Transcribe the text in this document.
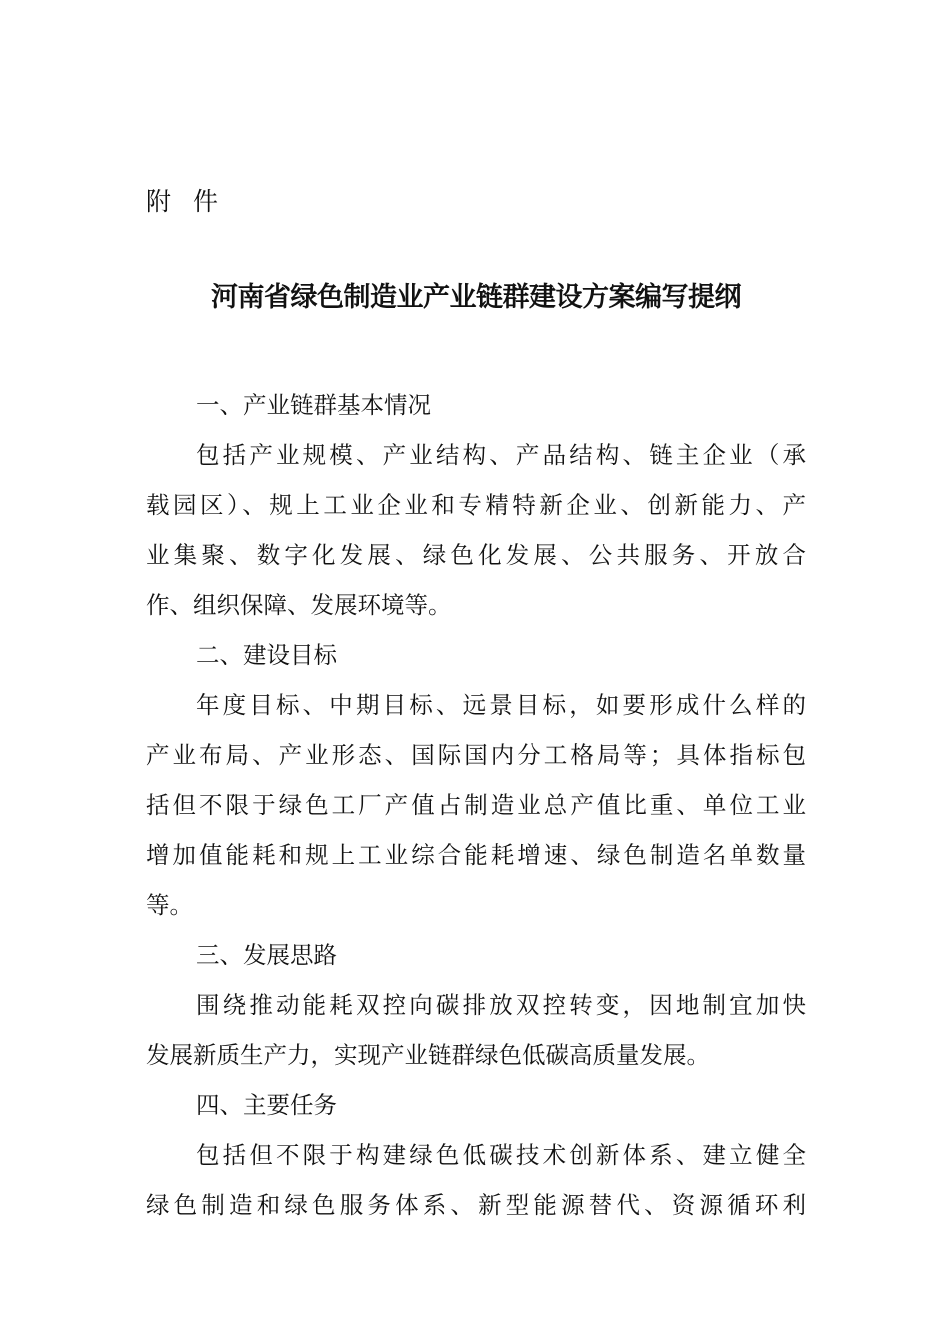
附件
河南省绿色制造业产业链群建设方案编写提纲
一、产业链群基本情况
包括产业规模、产业结构、产品结构、链主企业（承
载园区）、规上工业企业和专精特新企业、创新能力、产
业集聚、数字化发展、绿色化发展、公共服务、开放合
作、组织保障、发展环境等。
二、建设目标
年度目标、中期目标、远景目标，如要形成什么样的
产业布局、产业形态、国际国内分工格局等；具体指标包
括但不限于绿色工厂产值占制造业总产值比重、单位工业
增加值能耗和规上工业综合能耗增速、绿色制造名单数量
等。
三、发展思路
围绕推动能耗双控向碳排放双控转变，因地制宜加快
发展新质生产力，实现产业链群绿色低碳高质量发展。
四、主要任务
包括但不限于构建绿色低碳技术创新体系、建立健全
绿色制造和绿色服务体系、新型能源替代、资源循环利
